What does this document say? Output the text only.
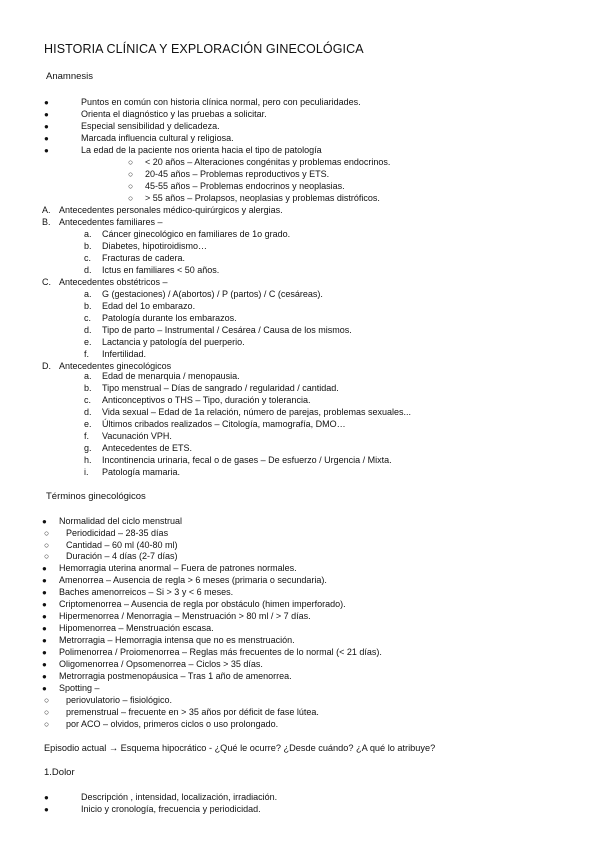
HISTORIA CLÍNICA Y EXPLORACIÓN GINECOLÓGICA
Anamnesis
●	Puntos en común con historia clínica normal, pero con peculiaridades.
●	Orienta el diagnóstico y las pruebas a solicitar.
●	Especial sensibilidad y delicadeza.
●	Marcada influencia cultural y religiosa.
●	La edad de la paciente nos orienta hacia el tipo de patología
○ < 20 años – Alteraciones congénitas y problemas endocrinos.
○ 20-45 años – Problemas reproductivos y ETS.
○ 45-55 años – Problemas endocrinos y neoplasias.
○ > 55 años – Prolapsos, neoplasias y problemas distróficos.
A. Antecedentes personales médico-quirúrgicos y alergias.
B. Antecedentes familiares –
a. Cáncer ginecológico en familiares de 1o grado.
b. Diabetes, hipotiroidismo…
c. Fracturas de cadera.
d. Ictus en familiares < 50 años.
C. Antecedentes obstétricos –
a. G (gestaciones) / A(abortos) / P (partos) / C (cesáreas).
b. Edad del 1o embarazo.
c. Patología durante los embarazos.
d. Tipo de parto – Instrumental / Cesárea / Causa de los mismos.
e. Lactancia y patología del puerperio.
f. Infertilidad.
D. Antecedentes ginecológicos
a. Edad de menarquia / menopausia.
b. Tipo menstrual – Días de sangrado / regularidad / cantidad.
c. Anticonceptivos o THS – Tipo, duración y tolerancia.
d. Vida sexual – Edad de 1a relación, número de parejas, problemas sexuales...
e. Últimos cribados realizados – Citología, mamografía, DMO…
f. Vacunación VPH.
g. Antecedentes de ETS.
h. Incontinencia urinaria, fecal o de gases – De esfuerzo / Urgencia / Mixta.
i. Patología mamaria.
Términos ginecológicos
● Normalidad del ciclo menstrual
○ Periodicidad – 28-35 días
○ Cantidad – 60 ml (40-80 ml)
○ Duración – 4 días (2-7 días)
● Hemorragia uterina anormal – Fuera de patrones normales.
● Amenorrea – Ausencia de regla > 6 meses (primaria o secundaria).
● Baches amenorreicos – Si > 3 y < 6 meses.
● Criptomenorrea – Ausencia de regla por obstáculo (himen imperforado).
● Hipermenorrea / Menorragia – Menstruación > 80 ml / > 7 días.
● Hipomenorrea – Menstruación escasa.
● Metrorragia – Hemorragia intensa que no es menstruación.
● Polimenorrea / Proiomenorrea – Reglas más frecuentes de lo normal (< 21 días).
● Oligomenorrea / Opsomenorrea – Ciclos > 35 días.
● Metrorragia postmenopáusica – Tras 1 año de amenorrea.
● Spotting –
○ periovulatorio – fisiológico.
○ premenstrual – frecuente en > 35 años por déficit de fase lútea.
○ por ACO – olvidos, primeros ciclos o uso prolongado.
Episodio actual → Esquema hipocrático - ¿Qué le ocurre? ¿Desde cuándo? ¿A qué lo atribuye?
1.Dolor
●	Descripción , intensidad, localización, irradiación.
●	Inicio y cronología, frecuencia y periodicidad.
